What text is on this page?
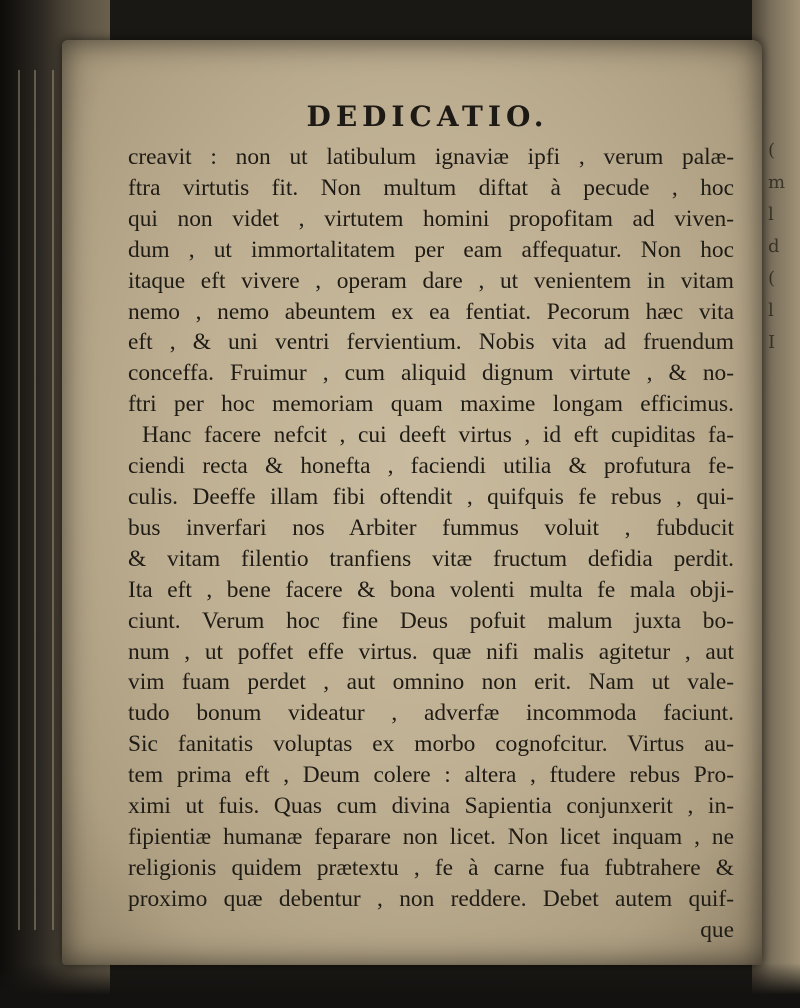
(
m
l
d
(
l
I
DEDICATIO.
creavit : non ut latibulum ignaviæ ipfi , verum palæ-
ftra virtutis fit. Non multum diftat à pecude , hoc
qui non videt , virtutem homini propofitam ad viven-
dum , ut immortalitatem per eam affequatur. Non hoc
itaque eft vivere , operam dare , ut venientem in vitam
nemo , nemo abeuntem ex ea fentiat. Pecorum hæc vita
eft , & uni ventri fervientium. Nobis vita ad fruendum
conceffa. Fruimur , cum aliquid dignum virtute , & no-
ftri per hoc memoriam quam maxime longam efficimus.
Hanc facere nefcit , cui deeft virtus , id eft cupiditas fa-
ciendi recta & honefta , faciendi utilia & profutura fe-
culis. Deeffe illam fibi oftendit , quifquis fe rebus , qui-
bus inverfari nos Arbiter fummus voluit , fubducit
& vitam filentio tranfiens vitæ fructum defidia perdit.
Ita eft , bene facere & bona volenti multa fe mala obji-
ciunt. Verum hoc fine Deus pofuit malum juxta bo-
num , ut poffet effe virtus. quæ nifi malis agitetur , aut
vim fuam perdet , aut omnino non erit. Nam ut vale-
tudo bonum videatur , adverfæ incommoda faciunt.
Sic fanitatis voluptas ex morbo cognofcitur. Virtus au-
tem prima eft , Deum colere : altera , ftudere rebus Pro-
ximi ut fuis. Quas cum divina Sapientia conjunxerit , in-
fipientiæ humanæ feparare non licet. Non licet inquam , ne
religionis quidem prætextu , fe à carne fua fubtrahere &
proximo quæ debentur , non reddere. Debet autem quif-
que
